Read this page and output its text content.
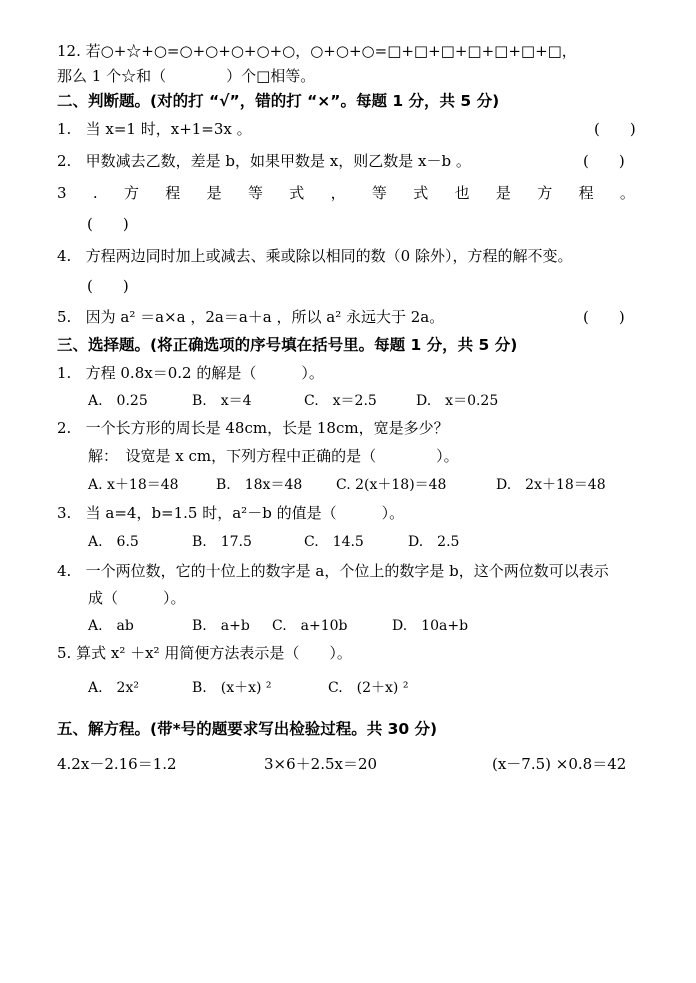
12. 若○+☆+○=○+○+○+○+○，○+○+○=□+□+□+□+□+□+□，
那么 1 个☆和（　　　　）个□相等。
二、判断题。(对的打 “√”，错的打 “×”。每题 1 分，共 5 分)
1. 当 x=1 时，x+1=3x 。	(　　)
2. 甲数减去乙数，差是 b，如果甲数是 x，则乙数是 x－b 。	(　　)
3 . 方 程 是 等 式 ， 等 式 也 是 方 程 。
(　　)
4. 方程两边同时加上或减去、乘或除以相同的数（0 除外），方程的解不变。
(　　)
5. 因为 a² ＝a×a ，2a＝a＋a ，所以 a² 永远大于 2a。	(　　)
三、选择题。(将正确选项的序号填在括号里。每题 1 分，共 5 分)
1. 方程 0.8x＝0.2 的解是（　　　）。
A.　0.25	B.　x＝4	C.　x＝2.5	D.　x＝0.25
2. 一个长方形的周长是 48cm，长是 18cm，宽是多少？
解：　设宽是 x cm，下列方程中正确的是（　　　　）。
A. x＋18＝48	B.　18x＝48 C. 2(x＋18)＝48	D.　2x＋18＝48
3. 当 a=4，b=1.5 时，a²－b 的值是（　　　）。
A.　6.5	B.　17.5	C.　14.5	D.　2.5
4. 一个两位数，它的十位上的数字是 a，个位上的数字是 b，这个两位数可以表示
成（　　　）。
A.　ab	B.　a+b C.　a+10b	D.　10a+b
5. 算式 x² ＋x² 用简便方法表示是（　　）。
A.　2x²	B.　(x＋x) ²	C.　(2＋x) ²
五、解方程。(带*号的题要求写出检验过程。共 30 分)
4.2x－2.16＝1.2	3×6＋2.5x＝20	(x－7.5) ×0.8＝42
